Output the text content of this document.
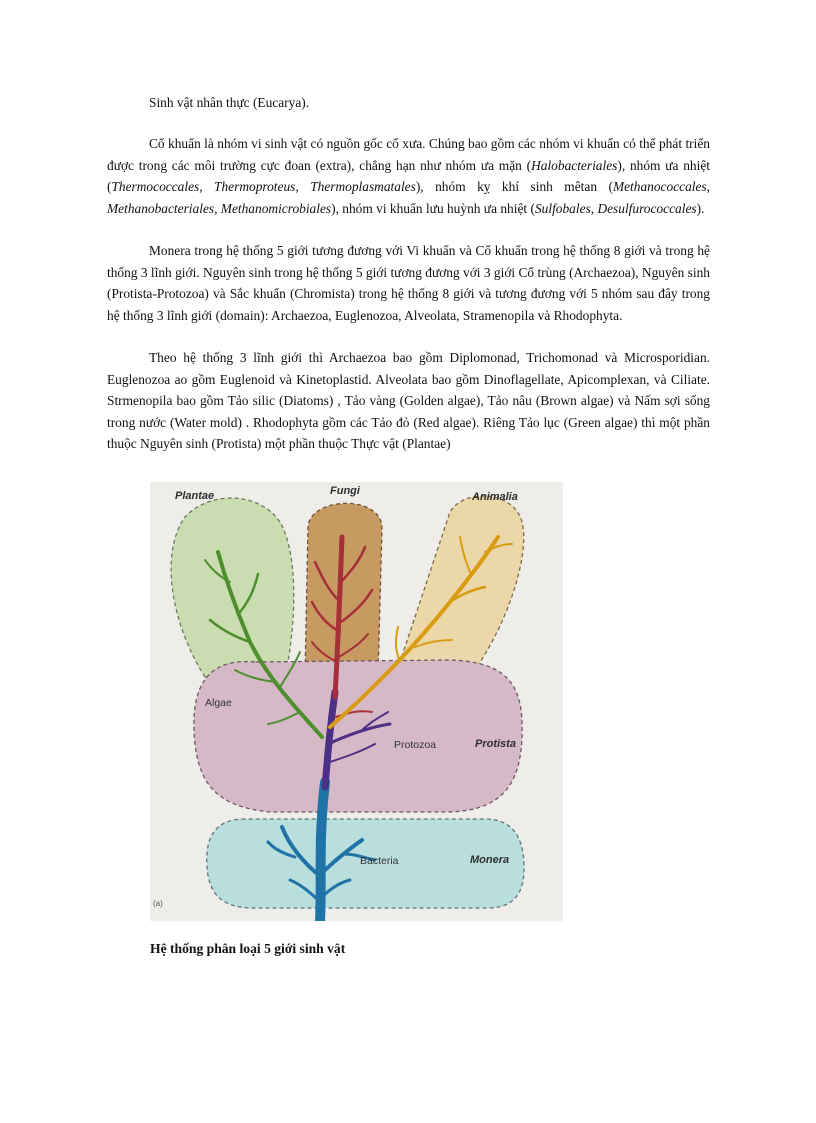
Sinh vật nhân thực (Eucarya).

Cổ khuẩn là nhóm vi sinh vật có nguồn gốc cổ xưa. Chúng bao gồm các nhóm vi khuẩn có thể phát triển được trong các môi trường cực đoan (extra), chẳng hạn như nhóm ưa mặn (Halobacteriales), nhóm ưa nhiệt (Thermococcales, Thermoproteus, Thermoplasmatales), nhóm kỵ khí sinh mêtan (Methanococcales, Methanobacteriales, Methanomicrobiales), nhóm vi khuẩn lưu huỳnh ưa nhiệt (Sulfobales, Desulfurococcales).

Monera trong hệ thống 5 giới tương đương với Vi khuẩn và Cổ khuẩn trong hệ thống 8 giới và trong hệ thống 3 lĩnh giới. Nguyên sinh trong hệ thống 5 giới tương đương với 3 giới Cổ trùng (Archaezoa), Nguyên sinh (Protista-Protozoa) và Sắc khuẩn (Chromista) trong hệ thống 8 giới và tương đương với 5 nhóm sau đây trong hệ thống 3 lĩnh giới (domain): Archaezoa, Euglenozoa, Alveolata, Stramenopila và Rhodophyta.

Theo hệ thống 3 lĩnh giới thì Archaezoa bao gồm Diplomonad, Trichomonad và Microsporidian. Euglenozoa ao gồm Euglenoid và Kinetoplastid. Alveolata bao gồm Dinoflagellate, Apicomplexan, và Ciliate. Strmenopila bao gồm Tảo silic (Diatoms) , Tảo vàng (Golden algae), Tảo nâu (Brown algae) và Nấm sợi sống trong nước (Water mold) . Rhodophyta gồm các Tảo đỏ (Red algae). Riêng Tảo lục (Green algae) thì một phần thuộc Nguyên sinh (Protista) một phần thuộc Thực vật (Plantae)

Plantae	Fungi	Animalia
Protista
Monera
Algae
Protozoa
Bacteria
(a)

Hệ thống phân loại 5 giới sinh vật
